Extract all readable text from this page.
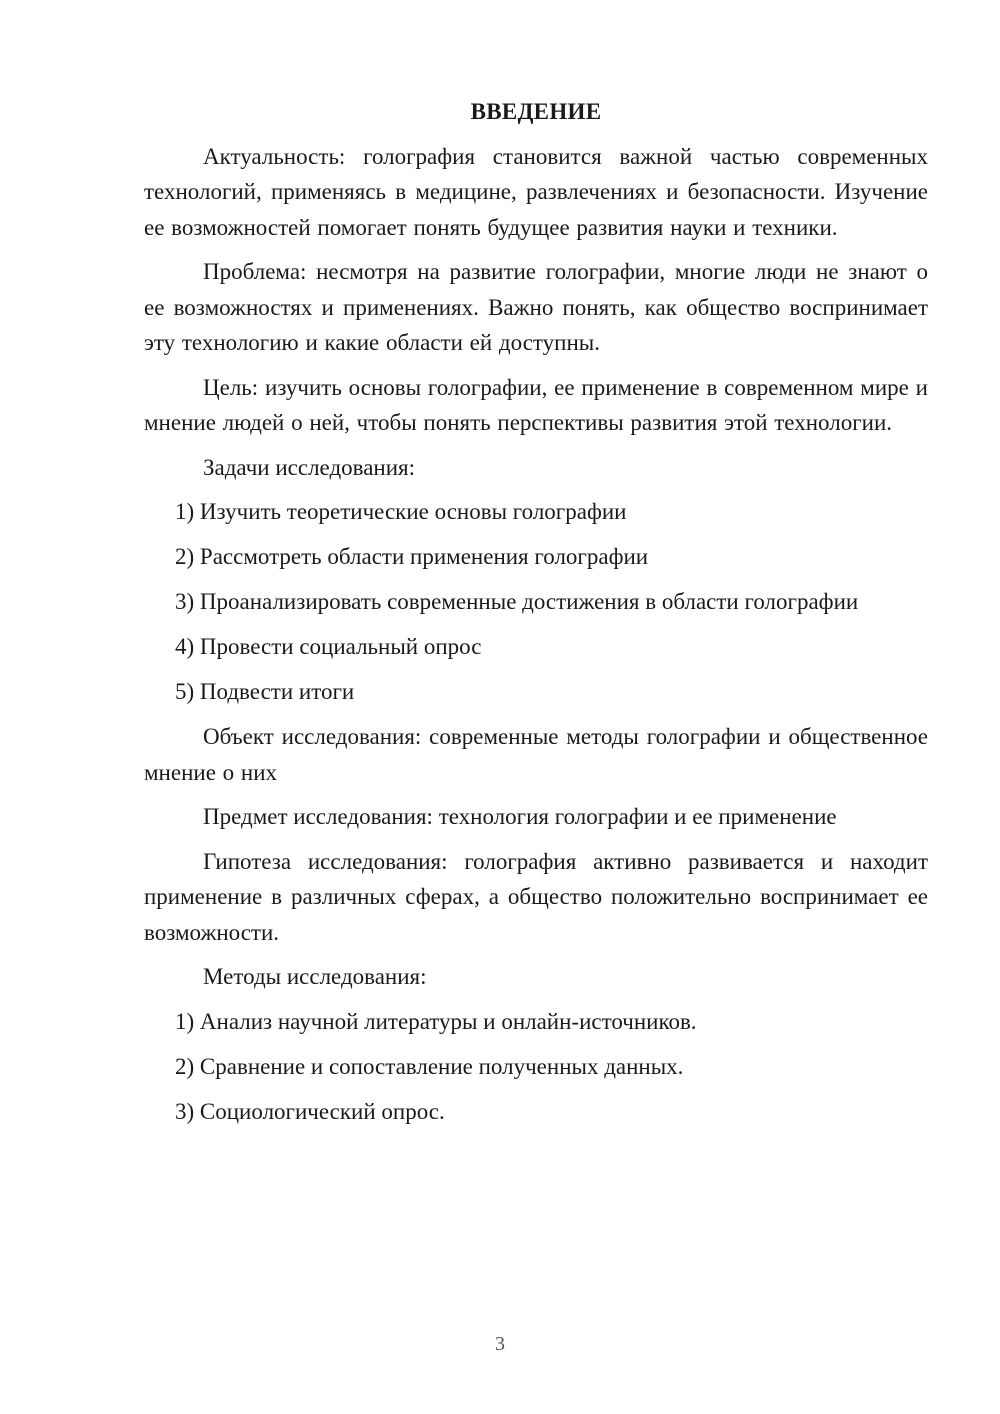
ВВЕДЕНИЕ

Актуальность: голография становится важной частью современных технологий, применяясь в медицине, развлечениях и безопасности. Изучение ее возможностей помогает понять будущее развития науки и техники.

Проблема: несмотря на развитие голографии, многие люди не знают о ее возможностях и применениях. Важно понять, как общество воспринимает эту технологию и какие области ей доступны.

Цель: изучить основы голографии, ее применение в современном мире и мнение людей о ней, чтобы понять перспективы развития этой технологии.

Задачи исследования:

1) Изучить теоретические основы голографии

2) Рассмотреть области применения голографии

3) Проанализировать современные достижения в области голографии

4) Провести социальный опрос

5) Подвести итоги

Объект исследования: современные методы голографии и общественное мнение о них

Предмет исследования: технология голографии и ее применение

Гипотеза исследования: голография активно развивается и находит применение в различных сферах, а общество положительно воспринимает ее возможности.

Методы исследования:

1) Анализ научной литературы и онлайн-источников.

2) Сравнение и сопоставление полученных данных.

3) Социологический опрос.

3
